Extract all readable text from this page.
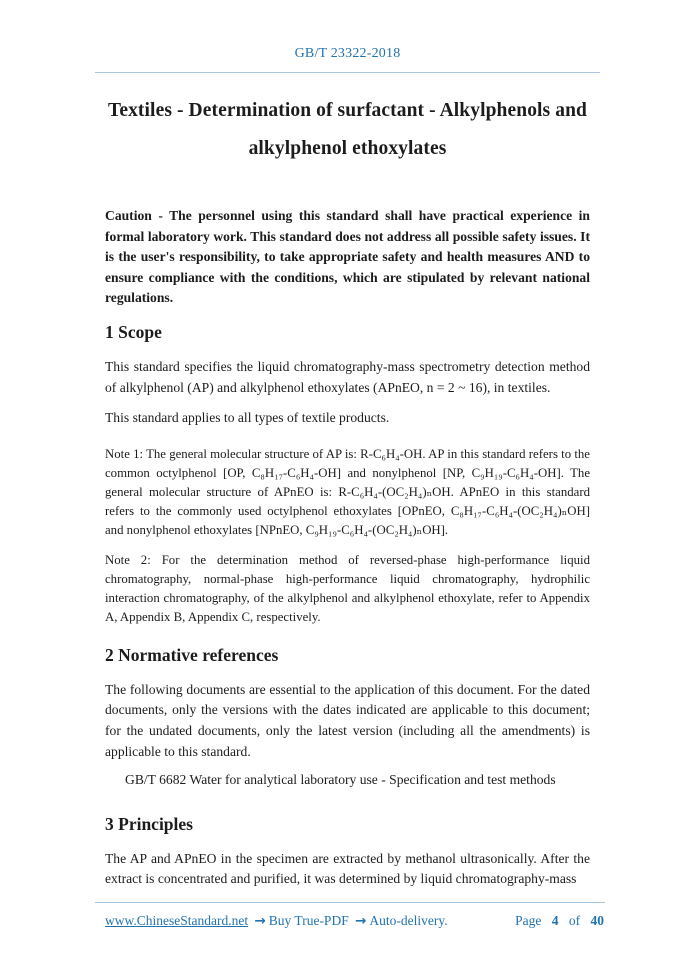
GB/T 23322-2018
Textiles - Determination of surfactant - Alkylphenols and
alkylphenol ethoxylates

Caution - The personnel using this standard shall have practical experience in formal laboratory work. This standard does not address all possible safety issues. It is the user's responsibility, to take appropriate safety and health measures AND to ensure compliance with the conditions, which are stipulated by relevant national regulations.

1 Scope

This standard specifies the liquid chromatography-mass spectrometry detection method of alkylphenol (AP) and alkylphenol ethoxylates (APnEO, n = 2 ~ 16), in textiles.

This standard applies to all types of textile products.

Note 1: The general molecular structure of AP is: R-C₆H₄-OH. AP in this standard refers to the common octylphenol [OP, C₈H₁₇-C₆H₄-OH] and nonylphenol [NP, C₉H₁₉-C₆H₄-OH]. The general molecular structure of APnEO is: R-C₆H₄-(OC₂H₄)ₙOH. APnEO in this standard refers to the commonly used octylphenol ethoxylates [OPnEO, C₈H₁₇-C₆H₄-(OC₂H₄)ₙOH] and nonylphenol ethoxylates [NPnEO, C₉H₁₉-C₆H₄-(OC₂H₄)ₙOH].

Note 2: For the determination method of reversed-phase high-performance liquid chromatography, normal-phase high-performance liquid chromatography, hydrophilic interaction chromatography, of the alkylphenol and alkylphenol ethoxylate, refer to Appendix A, Appendix B, Appendix C, respectively.

2 Normative references

The following documents are essential to the application of this document. For the dated documents, only the versions with the dates indicated are applicable to this document; for the undated documents, only the latest version (including all the amendments) is applicable to this standard.

GB/T 6682 Water for analytical laboratory use - Specification and test methods

3 Principles

The AP and APnEO in the specimen are extracted by methanol ultrasonically. After the extract is concentrated and purified, it was determined by liquid chromatography-mass

www.ChineseStandard.net → Buy True-PDF → Auto-delivery.	Page 4 of 40
